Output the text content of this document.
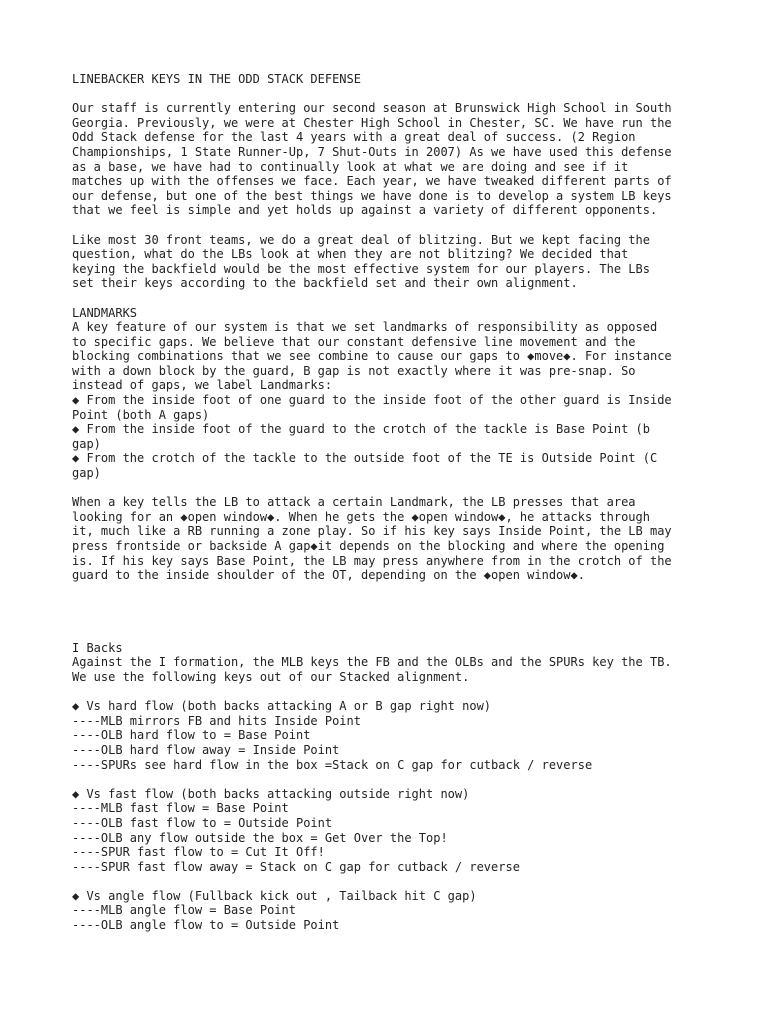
LINEBACKER KEYS IN THE ODD STACK DEFENSE

Our staff is currently entering our second season at Brunswick High School in South

Georgia. Previously, we were at Chester High School in Chester, SC. We have run the

Odd Stack defense for the last 4 years with a great deal of success. (2 Region

Championships, 1 State Runner-Up, 7 Shut-Outs in 2007) As we have used this defense

as a base, we have had to continually look at what we are doing and see if it

matches up with the offenses we face. Each year, we have tweaked different parts of

our defense, but one of the best things we have done is to develop a system LB keys

that we feel is simple and yet holds up against a variety of different opponents.

Like most 30 front teams, we do a great deal of blitzing. But we kept facing the

question, what do the LBs look at when they are not blitzing? We decided that

keying the backfield would be the most effective system for our players. The LBs

set their keys according to the backfield set and their own alignment.

LANDMARKS

A key feature of our system is that we set landmarks of responsibility as opposed

to specific gaps. We believe that our constant defensive line movement and the

blocking combinations that we see combine to cause our gaps to ◆move◆. For instance

with a down block by the guard, B gap is not exactly where it was pre-snap. So

instead of gaps, we label Landmarks:

◆ From the inside foot of one guard to the inside foot of the other guard is Inside

Point (both A gaps)

◆ From the inside foot of the guard to the crotch of the tackle is Base Point (b

gap)

◆ From the crotch of the tackle to the outside foot of the TE is Outside Point (C

gap)

When a key tells the LB to attack a certain Landmark, the LB presses that area

looking for an ◆open window◆. When he gets the ◆open window◆, he attacks through

it, much like a RB running a zone play. So if his key says Inside Point, the LB may

press frontside or backside A gap◆it depends on the blocking and where the opening

is. If his key says Base Point, the LB may press anywhere from in the crotch of the

guard to the inside shoulder of the OT, depending on the ◆open window◆.

I Backs

Against the I formation, the MLB keys the FB and the OLBs and the SPURs key the TB.

We use the following keys out of our Stacked alignment.

◆ Vs hard flow (both backs attacking A or B gap right now)

----MLB mirrors FB and hits Inside Point

----OLB hard flow to = Base Point

----OLB hard flow away = Inside Point

----SPURs see hard flow in the box =Stack on C gap for cutback / reverse

◆ Vs fast flow (both backs attacking outside right now)

----MLB fast flow = Base Point

----OLB fast flow to = Outside Point

----OLB any flow outside the box = Get Over the Top!

----SPUR fast flow to = Cut It Off!

----SPUR fast flow away = Stack on C gap for cutback / reverse

◆ Vs angle flow (Fullback kick out , Tailback hit C gap)

----MLB angle flow = Base Point

----OLB angle flow to = Outside Point
